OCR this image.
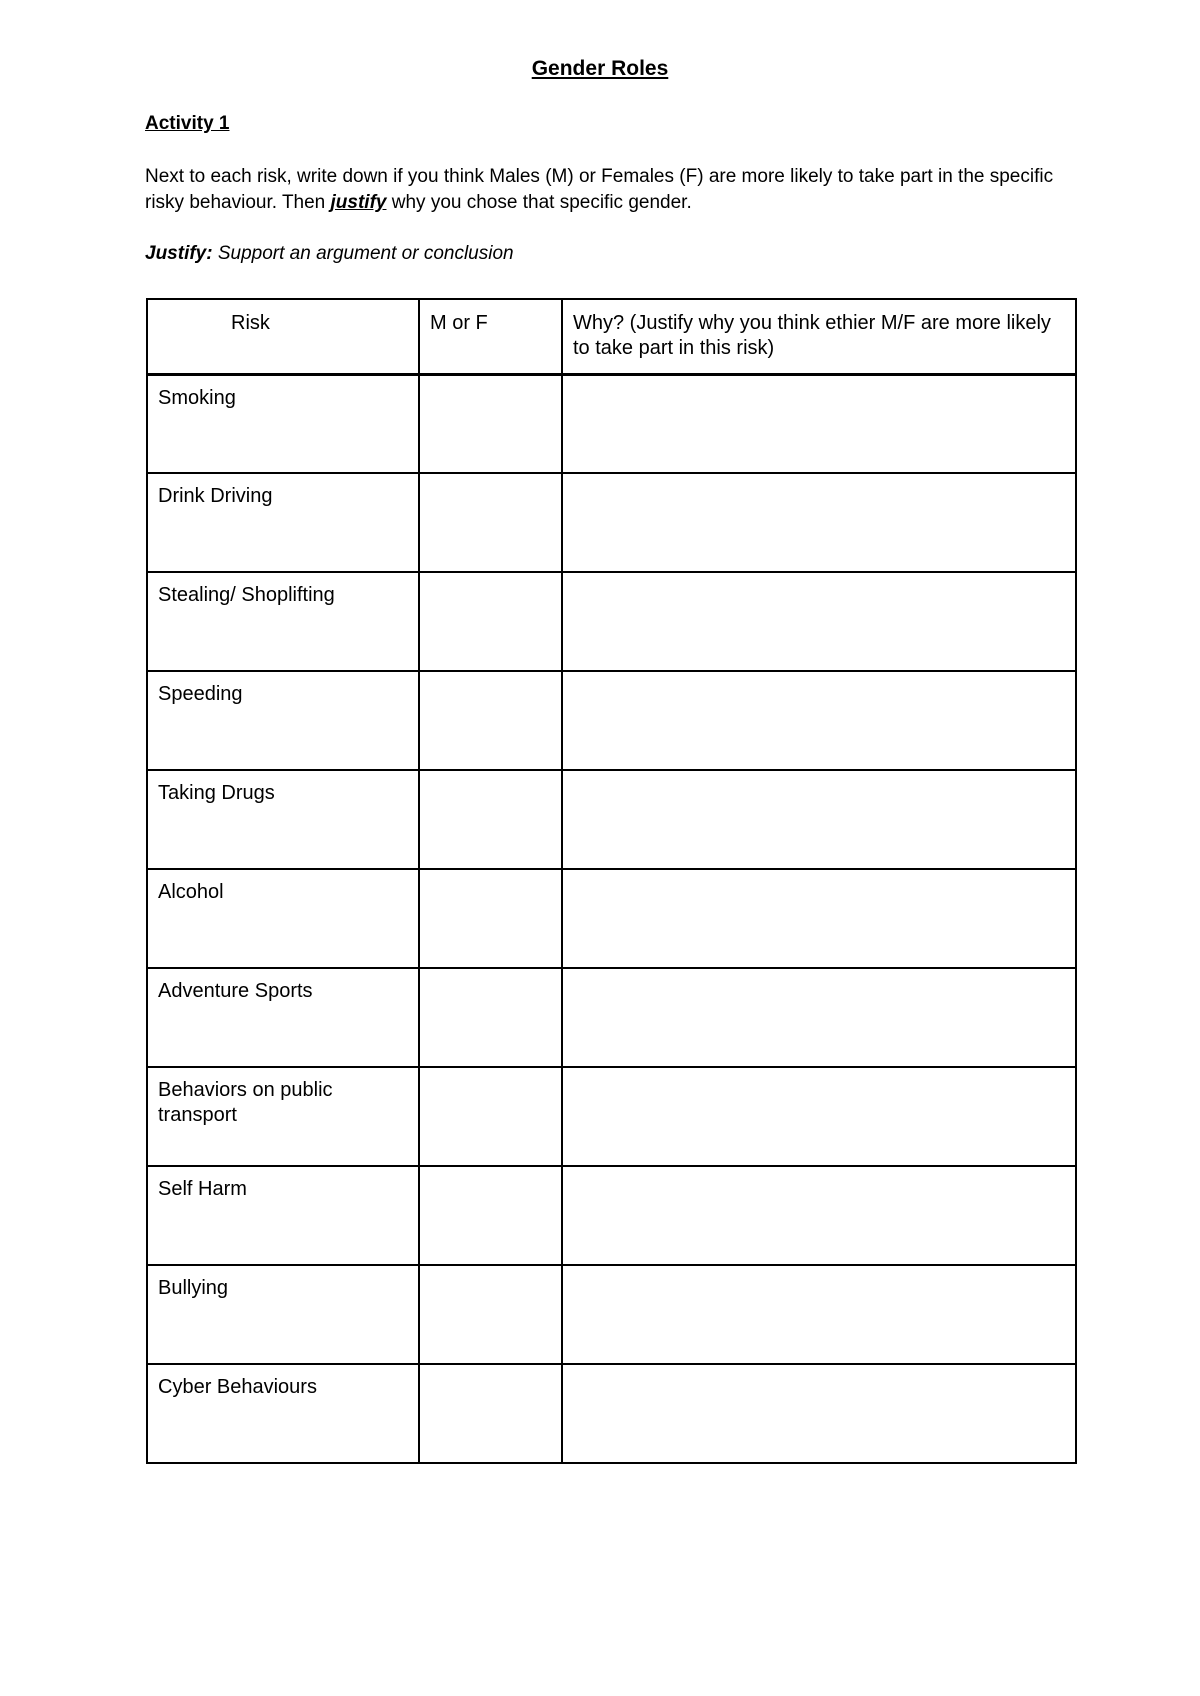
Gender Roles
Activity 1

Next to each risk, write down if you think Males (M) or Females (F) are more likely to take part in the specific risky behaviour. Then justify why you chose that specific gender.

Justify: Support an argument or conclusion
Risk	M or F	Why? (Justify why you think ethier M/F are more likely to take part in this risk)
Smoking		
Drink Driving		
Stealing/ Shoplifting		
Speeding		
Taking Drugs		
Alcohol		
Adventure Sports		
Behaviors on public transport		
Self Harm		
Bullying		
Cyber Behaviours		
